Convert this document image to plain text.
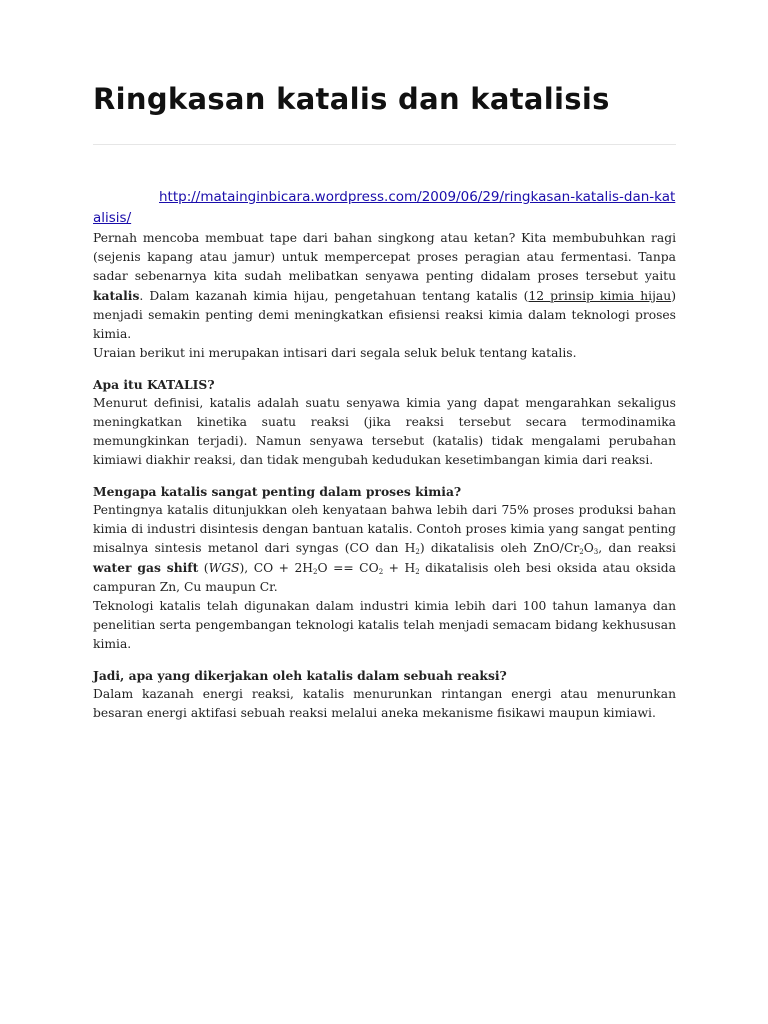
Ringkasan katalis dan katalisis

http://matainginbicara.wordpress.com/2009/06/29/ringkasan-katalis-dan-katalisis/

Pernah mencoba membuat tape dari bahan singkong atau ketan? Kita membubuhkan ragi (sejenis kapang atau jamur) untuk mempercepat proses peragian atau fermentasi. Tanpa sadar sebenarnya kita sudah melibatkan senyawa penting didalam proses tersebut yaitu katalis. Dalam kazanah kimia hijau, pengetahuan tentang katalis (12 prinsip kimia hijau) menjadi semakin penting demi meningkatkan efisiensi reaksi kimia dalam teknologi proses kimia.

Uraian berikut ini merupakan intisari dari segala seluk beluk tentang katalis.

Apa itu KATALIS?

Menurut definisi, katalis adalah suatu senyawa kimia yang dapat mengarahkan sekaligus meningkatkan kinetika suatu reaksi (jika reaksi tersebut secara termodinamika memungkinkan terjadi). Namun senyawa tersebut (katalis) tidak mengalami perubahan kimiawi diakhir reaksi, dan tidak mengubah kedudukan kesetimbangan kimia dari reaksi.

Mengapa katalis sangat penting dalam proses kimia?

Pentingnya katalis ditunjukkan oleh kenyataan bahwa lebih dari 75% proses produksi bahan kimia di industri disintesis dengan bantuan katalis. Contoh proses kimia yang sangat penting misalnya sintesis metanol dari syngas (CO dan $H_2$) dikatalisis oleh ZnO/$Cr_2O_3$, dan reaksi water gas shift (WGS), CO + $2H_2O == CO_2 + H_2$ dikatalisis oleh besi oksida atau oksida campuran Zn, Cu maupun Cr.

Teknologi katalis telah digunakan dalam industri kimia lebih dari 100 tahun lamanya dan penelitian serta pengembangan teknologi katalis telah menjadi semacam bidang kekhususan kimia.

Jadi, apa yang dikerjakan oleh katalis dalam sebuah reaksi?

Dalam kazanah energi reaksi, katalis menurunkan rintangan energi atau menurunkan besaran energi aktifasi sebuah reaksi melalui aneka mekanisme fisikawi maupun kimiawi.
